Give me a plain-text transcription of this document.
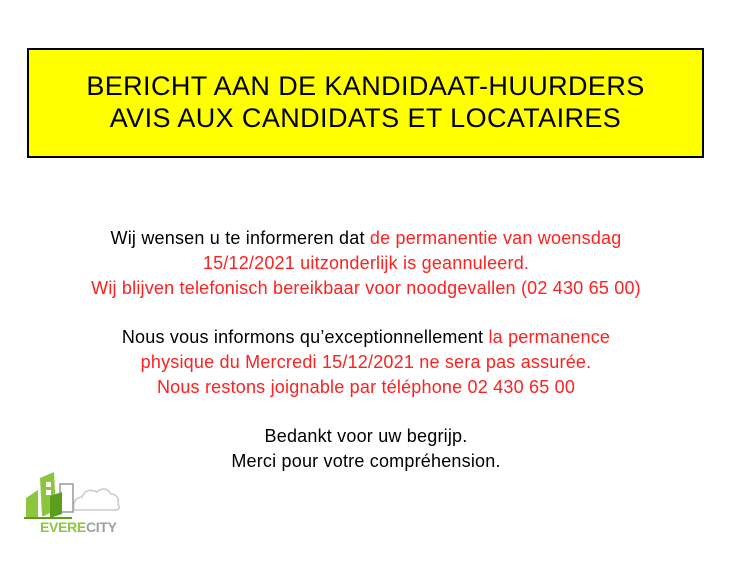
BERICHT AAN DE KANDIDAAT-HUURDERS
AVIS AUX CANDIDATS ET LOCATAIRES
Wij wensen u te informeren dat de permanentie van woensdag
15/12/2021 uitzonderlijk is geannuleerd.
Wij blijven telefonisch bereikbaar voor noodgevallen (02 430 65 00)
Nous vous informons qu’exceptionnellement la permanence
physique du Mercredi 15/12/2021 ne sera pas assurée.
Nous restons joignable par téléphone 02 430 65 00
Bedankt voor uw begrijp.
Merci pour votre compréhension.
EVERECITY
